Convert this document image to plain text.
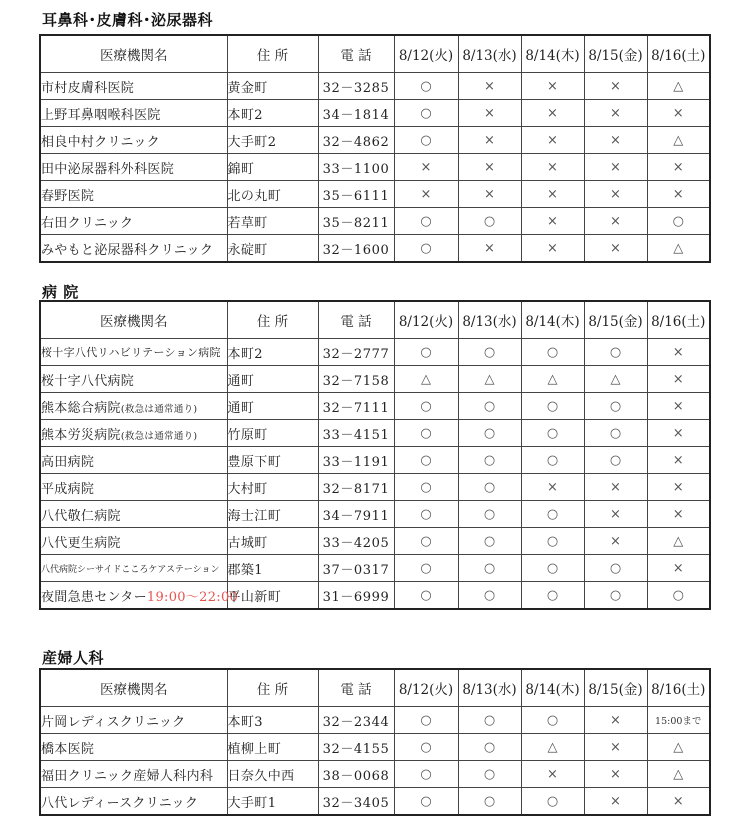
耳鼻科･皮膚科･泌尿器科
医療機関名	住 所	電 話	8/12(火)	8/13(水)	8/14(木)	8/15(金)	8/16(土)
市村皮膚科医院	黄金町	32－3285	○	×	×	×	△
上野耳鼻咽喉科医院	本町2	34－1814	○	×	×	×	×
相良中村クリニック	大手町2	32－4862	○	×	×	×	△
田中泌尿器科外科医院	錦町	33－1100	×	×	×	×	×
春野医院	北の丸町	35－6111	×	×	×	×	×
右田クリニック	若草町	35－8211	○	○	×	×	○
みやもと泌尿器科クリニック	永碇町	32－1600	○	×	×	×	△
病 院
医療機関名	住 所	電 話	8/12(火)	8/13(水)	8/14(木)	8/15(金)	8/16(土)
桜十字八代リハビリテーション病院	本町2	32－2777	○	○	○	○	×
桜十字八代病院	通町	32－7158	△	△	△	△	×
熊本総合病院(救急は通常通り)	通町	32－7111	○	○	○	○	×
熊本労災病院(救急は通常通り)	竹原町	33－4151	○	○	○	○	×
高田病院	豊原下町	33－1191	○	○	○	○	×
平成病院	大村町	32－8171	○	○	×	×	×
八代敬仁病院	海士江町	34－7911	○	○	○	×	×
八代更生病院	古城町	33－4205	○	○	○	×	△
八代病院シーサイドこころケアステーション	郡築1	37－0317	○	○	○	○	×
夜間急患センター19:00～22:00	平山新町	31－6999	○	○	○	○	○
産婦人科
医療機関名	住 所	電 話	8/12(火)	8/13(水)	8/14(木)	8/15(金)	8/16(土)
片岡レディスクリニック	本町3	32－2344	○	○	○	×	15:00まで
橋本医院	植柳上町	32－4155	○	○	△	×	△
福田クリニック産婦人科内科	日奈久中西	38－0068	○	○	×	×	△
八代レディースクリニック	大手町1	32－3405	○	○	○	×	×
